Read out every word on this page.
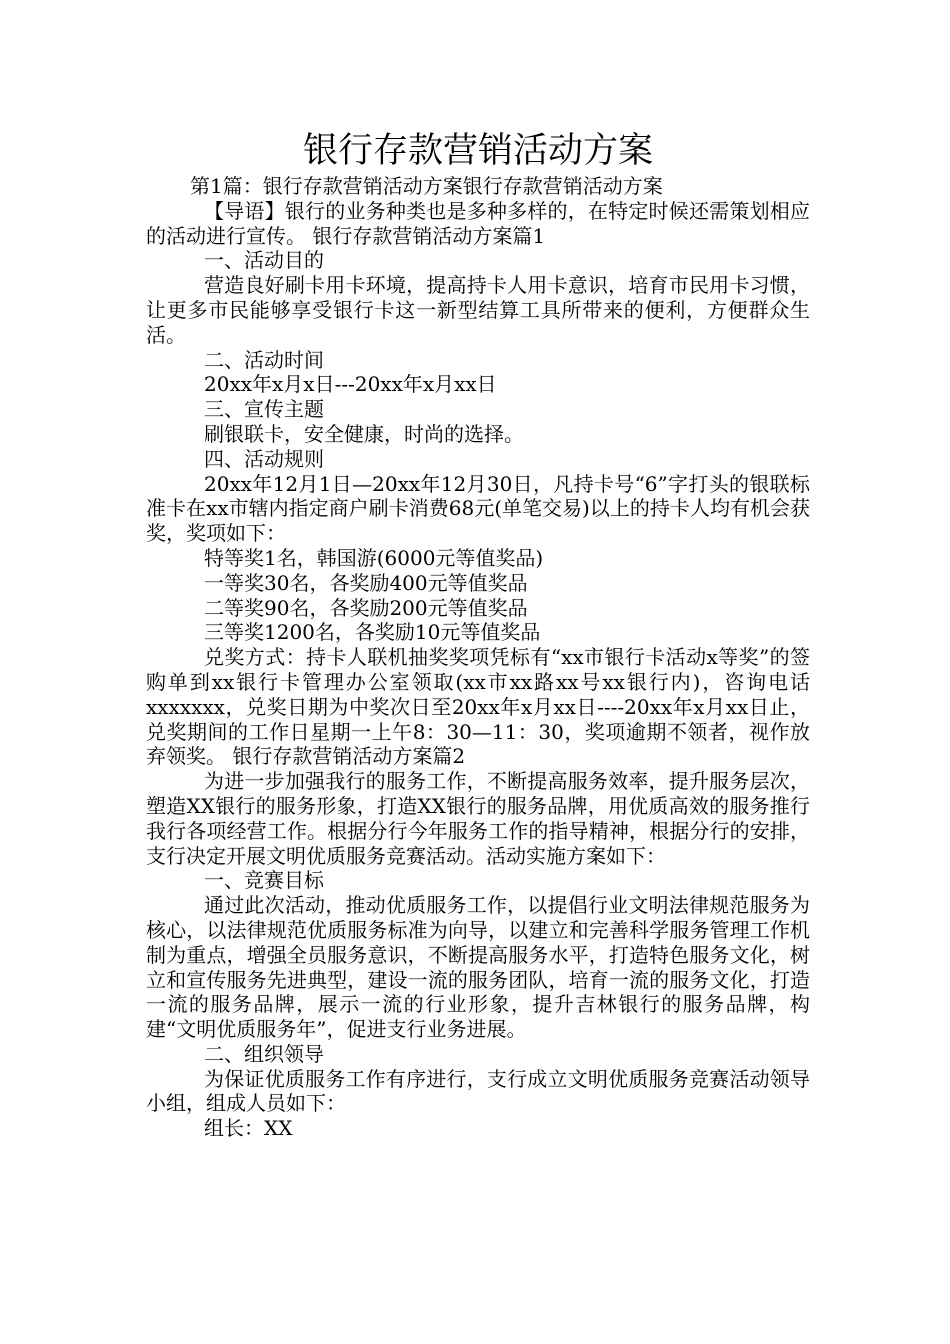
银行存款营销活动方案

第1篇：银行存款营销活动方案银行存款营销活动方案

【导语】银行的业务种类也是多种多样的，在特定时候还需策划相应的活动进行宣传。 银行存款营销活动方案篇1

一、活动目的

营造良好刷卡用卡环境，提高持卡人用卡意识，培育市民用卡习惯，让更多市民能够享受银行卡这一新型结算工具所带来的便利，方便群众生活。

二、活动时间

20xx年x月x日---20xx年x月xx日

三、宣传主题

刷银联卡，安全健康，时尚的选择。

四、活动规则

20xx年12月1日—20xx年12月30日，凡持卡号“6”字打头的银联标准卡在xx市辖内指定商户刷卡消费68元(单笔交易)以上的持卡人均有机会获奖，奖项如下：

特等奖1名，韩国游(6000元等值奖品)

一等奖30名，各奖励400元等值奖品

二等奖90名，各奖励200元等值奖品

三等奖1200名，各奖励10元等值奖品

兑奖方式：持卡人联机抽奖奖项凭标有“xx市银行卡活动x等奖”的签购单到xx银行卡管理办公室领取(xx市xx路xx号xx银行内)，咨询电话xxxxxxx，兑奖日期为中奖次日至20xx年x月xx日----20xx年x月xx日止，兑奖期间的工作日星期一上午8：30—11：30，奖项逾期不领者，视作放弃领奖。 银行存款营销活动方案篇2

为进一步加强我行的服务工作，不断提高服务效率，提升服务层次，塑造XX银行的服务形象，打造XX银行的服务品牌，用优质高效的服务推行我行各项经营工作。根据分行今年服务工作的指导精神，根据分行的安排，支行决定开展文明优质服务竞赛活动。活动实施方案如下：

一、竞赛目标

通过此次活动，推动优质服务工作，以提倡行业文明法律规范服务为核心，以法律规范优质服务标准为向导，以建立和完善科学服务管理工作机制为重点，增强全员服务意识，不断提高服务水平，打造特色服务文化，树立和宣传服务先进典型，建设一流的服务团队，培育一流的服务文化，打造一流的服务品牌，展示一流的行业形象，提升吉林银行的服务品牌，构建“文明优质服务年”，促进支行业务进展。

二、组织领导

为保证优质服务工作有序进行，支行成立文明优质服务竞赛活动领导小组，组成人员如下：

组长：XX
